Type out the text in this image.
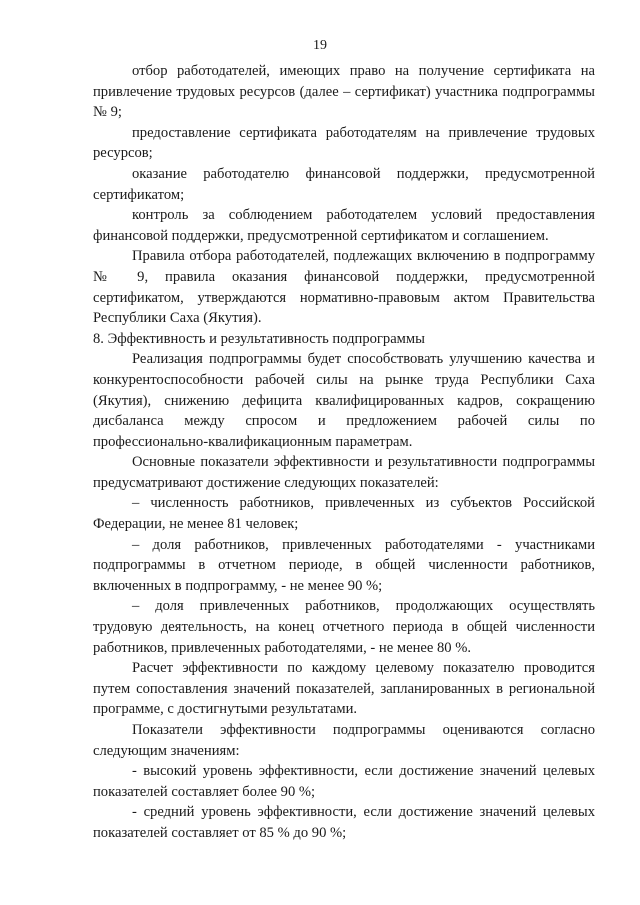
19

отбор работодателей, имеющих право на получение сертификата на привлечение трудовых ресурсов (далее – сертификат) участника подпрограммы № 9;

предоставление сертификата работодателям на привлечение трудовых ресурсов;

оказание работодателю финансовой поддержки, предусмотренной сертификатом;

контроль за соблюдением работодателем условий предоставления финансовой поддержки, предусмотренной сертификатом и соглашением.

Правила отбора работодателей, подлежащих включению в подпрограмму № 9, правила оказания финансовой поддержки, предусмотренной сертификатом, утверждаются нормативно-правовым актом Правительства Республики Саха (Якутия).

8. Эффективность и результативность подпрограммы

Реализация подпрограммы будет способствовать улучшению качества и конкурентоспособности рабочей силы на рынке труда Республики Саха (Якутия), снижению дефицита квалифицированных кадров, сокращению дисбаланса между спросом и предложением рабочей силы по профессионально-квалификационным параметрам.

Основные показатели эффективности и результативности подпрограммы предусматривают достижение следующих показателей:

– численность работников, привлеченных из субъектов Российской Федерации, не менее 81 человек;

– доля работников, привлеченных работодателями - участниками подпрограммы в отчетном периоде, в общей численности работников, включенных в подпрограмму, - не менее 90 %;

– доля привлеченных работников, продолжающих осуществлять трудовую деятельность, на конец отчетного периода в общей численности работников, привлеченных работодателями, - не менее 80 %.

Расчет эффективности по каждому целевому показателю проводится путем сопоставления значений показателей, запланированных в региональной программе, с достигнутыми результатами.

Показатели эффективности подпрограммы оцениваются согласно следующим значениям:

- высокий уровень эффективности, если достижение значений целевых показателей составляет более 90 %;

- средний уровень эффективности, если достижение значений целевых показателей составляет от 85 % до 90 %;
